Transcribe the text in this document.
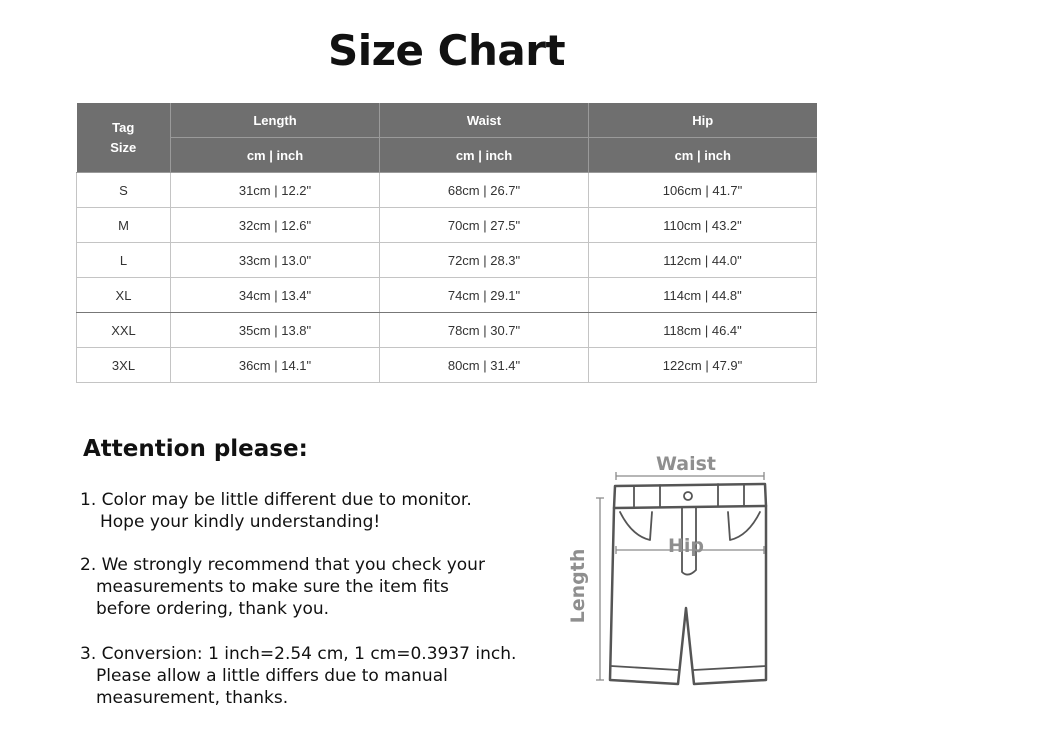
Size Chart
Tag
Size	Length	Waist	Hip
	cm | inch	cm | inch	cm | inch
S	31cm | 12.2"	68cm | 26.7"	106cm | 41.7"
M	32cm | 12.6"	70cm | 27.5"	110cm | 43.2"
L	33cm | 13.0"	72cm | 28.3"	112cm | 44.0"
XL	34cm | 13.4"	74cm | 29.1"	114cm | 44.8"
XXL	35cm | 13.8"	78cm | 30.7"	118cm | 46.4"
3XL	36cm | 14.1"	80cm | 31.4"	122cm | 47.9"
Attention please:
1. Color may be little different due to monitor.
Hope your kindly understanding!
2. We strongly recommend that you check your
measurements to make sure the item fits
before ordering, thank you.
3. Conversion: 1 inch=2.54 cm, 1 cm=0.3937 inch.
Please allow a little differs due to manual
measurement, thanks.
Waist
Hip
Length
